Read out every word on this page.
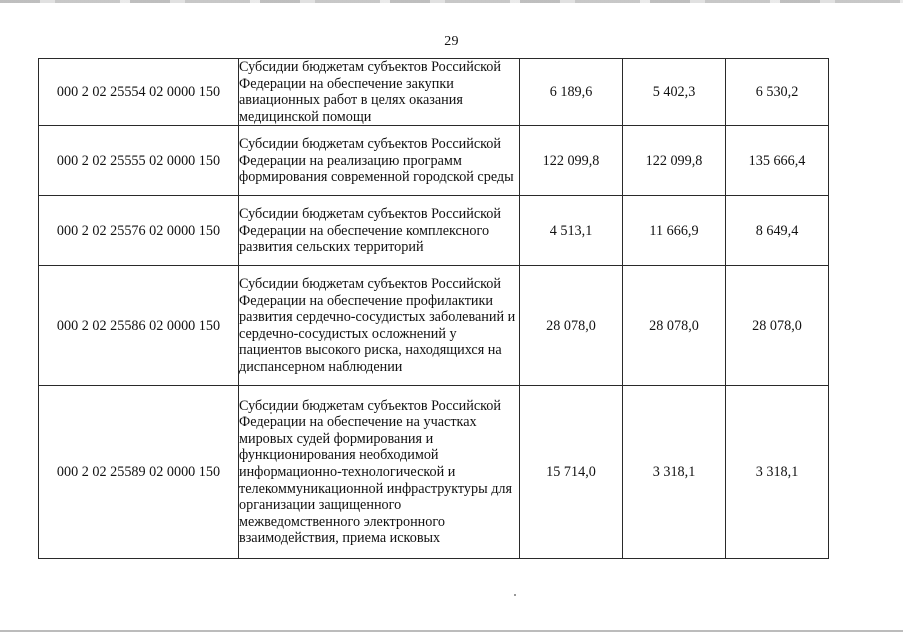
29
000 2 02 25554 02 0000 150	Субсидии бюджетам субъектов Российской Федерации на обеспечение закупки авиационных работ в целях оказания медицинской помощи	6 189,6	5 402,3	6 530,2
000 2 02 25555 02 0000 150	Субсидии бюджетам субъектов Российской Федерации на реализацию программ формирования современной городской среды	122 099,8	122 099,8	135 666,4
000 2 02 25576 02 0000 150	Субсидии бюджетам субъектов Российской Федерации на обеспечение комплексного развития сельских территорий	4 513,1	11 666,9	8 649,4
000 2 02 25586 02 0000 150	Субсидии бюджетам субъектов Российской Федерации на обеспечение профилактики развития сердечно-сосудистых заболеваний и сердечно-сосудистых осложнений у пациентов высокого риска, находящихся на диспансерном наблюдении	28 078,0	28 078,0	28 078,0
000 2 02 25589 02 0000 150	Субсидии бюджетам субъектов Российской Федерации на обеспечение на участках мировых судей формирования и функционирования необходимой информационно-технологической и телекоммуникационной инфраструктуры для организации защищенного межведомственного электронного взаимодействия, приема исковых	15 714,0	3 318,1	3 318,1
